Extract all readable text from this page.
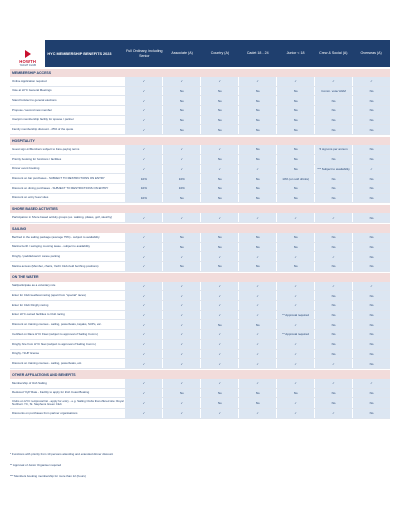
HOWTH
YACHT CLUB
HYC MEMBERSHIP BENEFITS 2023
Full Ordinary, including Senior
Associate (A)	Country (A)	Cadet 18 - 24	Junior < 18	Crew & Social (A)	Overseas (A)
MEMBERSHIP ACCESS
Online Application required	✓	✓	✓	✓	✓	✓	✓
Vote at HYC General Meetings	✓	No	No	No	No	Comm. vote/ AGM	No
Stand for/elect to general elections	✓	No	No	No	No	No	No
Propose / second new member	✓	No	No	No	No	No	No
Use/join membership facility for spouse / partner	✓	No	No	No	No	No	No
Family membership discount - 25% of the quote	✓	No	No	No	No	No	No
HOSPITALITY
Guest sign-in/Members subject to Fare-paying terms	✓	✓	✓	No	No	5 sign-ins per annum	No
Priority booking for functions / facilities	✓	✓	No	No	No	No	No
Dinner event booking	✓	✓	✓	✓	No	*** Subject to availability	✓
Discount on bar purchases - SUBJECT TO RESTRICTIONS ON ENTRY	10%	10%	No	No	10% (on soft drinks)	No	No
Discount on dining purchases - SUBJECT TO RESTRICTIONS ON ENTRY	10%	10%	No	No	No	No	No
Discount on entry fees/ sites	10%	No	No	No	No	No	No
SHORE BASED ACTIVITIES
Participation in Shore based activity groups (ex. walking, pilates, golf, sketchy)	✓	✓	✓	✓	✓	✓	No
SAILING
Berthed in the sailing package (average 75%) - subject to availability	✓	No	No	No	No	No	No
Marina berth / swinging mooring lease - subject to availability	✓	No	No	No	No	No	No
Dinghy / paddleboard / canoe parking	✓	✓	✓	✓	✓	✓	No
Marina access (Member, chairs, Yacht Club-held berthing positions)	✓	No	No	No	No	No	No
ON THE WATER
Sail/participate as a voluntary role	✓	✓	✓	✓	✓	✓	✓
Enter for Club keelboat racing (apart from "special" races)	✓	✓	✓	✓	✓	No	No
Enter for Club Dinghy racing	✓	✓	✓	✓	✓	No	No
Enter HYC owned facilities to Club racing	✓	✓	✓	✓	** Approval required	No	No
Discount on training courses - sailing, powerboats, kayaks, SUPs, etc.	✓	✓	No	No	✓	No	No
Certified on Race HYC Fleet (subject to approval of Sailing Comm.)	✓	✓	✓	✓	** Approval required	No	No
Dinghy hire from HYC fleet (subject to approval of Sailing Comm.)	✓	✓	✓	✓	✓	No	No
Dinghy / SUP license	✓	✓	✓	✓	✓	No	No
Discount on training courses - sailing, powerboats, etc.	✓	✓	✓	✓	✓	✓	No
OTHER AFFILIATIONS AND BENEFITS
Membership of Irish Sailing	✓	✓	✓	✓	✓	✓	✓
Reduced YIyP Rate - Facility to apply for Irish Coast Boating	✓	No	No	No	No	No	No
Clubs on HYC reciprocal list - apply for entry - e.g. Sailing Clubs that offered site: Royal Northern YC, St. Stephens Green Club	✓	✓	No	No	✓	No	No
Discounts on purchases from partner organisations	✓	✓	✓	✓	✓	✓	No
* Functions with priority from 10 persons attending and extended dinner discount
** Approval of Junior Organiser required
*** Members booking membership for more than 12 (hours)
